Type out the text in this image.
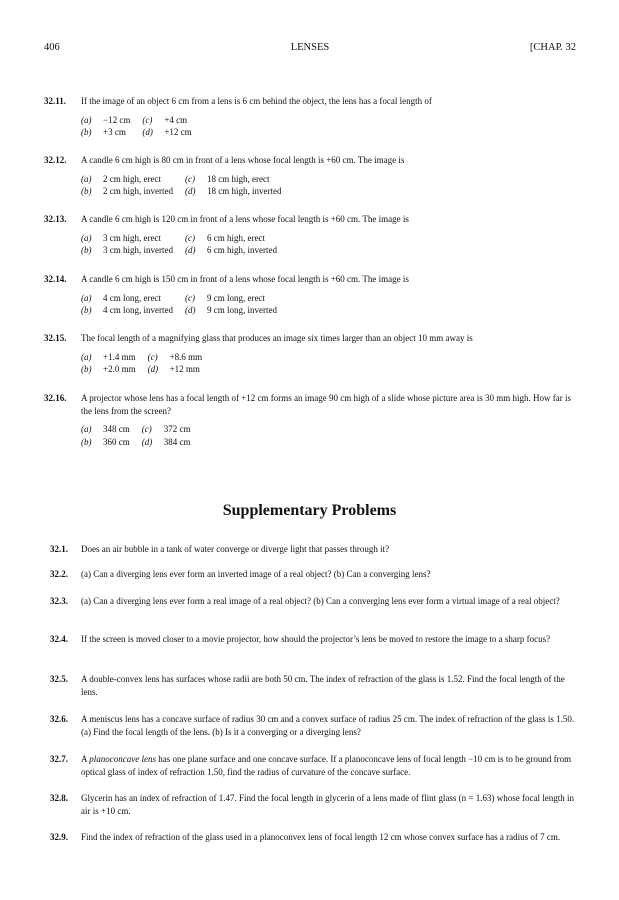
406	LENSES	[CHAP. 32
32.11. If the image of an object 6 cm from a lens is 6 cm behind the object, the lens has a focal length of
(a) −12 cm (c) +4 cm
(b) +3 cm	(d) +12 cm
32.12. A candle 6 cm high is 80 cm in front of a lens whose focal length is +60 cm. The image is
(a) 2 cm high, erect	(c) 18 cm high, erect
(b) 2 cm high, inverted (d) 18 cm high, inverted
32.13. A candle 6 cm high is 120 cm in front of a lens whose focal length is +60 cm. The image is
(a) 3 cm high, erect	(c) 6 cm high, erect
(b) 3 cm high, inverted (d) 6 cm high, inverted
32.14. A candle 6 cm high is 150 cm in front of a lens whose focal length is +60 cm. The image is
(a) 4 cm long, erect	(c) 9 cm long, erect
(b) 4 cm long, inverted (d) 9 cm long, inverted
32.15. The focal length of a magnifying glass that produces an image six times larger than an object 10 mm away is
(a) +1.4 mm (c) +8.6 mm
(b) +2.0 mm (d) +12 mm
32.16. A projector whose lens has a focal length of +12 cm forms an image 90 cm high of a slide whose picture area is 30 mm high. How far is the lens from the screen?
(a) 348 cm (c) 372 cm
(b) 360 cm (d) 384 cm
Supplementary Problems
32.1. Does an air bubble in a tank of water converge or diverge light that passes through it?
32.2. (a) Can a diverging lens ever form an inverted image of a real object? (b) Can a converging lens?
32.3. (a) Can a diverging lens ever form a real image of a real object? (b) Can a converging lens ever form a virtual image of a real object?
32.4. If the screen is moved closer to a movie projector, how should the projector’s lens be moved to restore the image to a sharp focus?
32.5. A double-convex lens has surfaces whose radii are both 50 cm. The index of refraction of the glass is 1.52. Find the focal length of the lens.
32.6. A meniscus lens has a concave surface of radius 30 cm and a convex surface of radius 25 cm. The index of refraction of the glass is 1.50. (a) Find the focal length of the lens. (b) Is it a converging or a diverging lens?
32.7. A planoconcave lens has one plane surface and one concave surface. If a planoconcave lens of focal length −10 cm is to be ground from optical glass of index of refraction 1.50, find the radius of curvature of the concave surface.
32.8. Glycerin has an index of refraction of 1.47. Find the focal length in glycerin of a lens made of flint glass (n = 1.63) whose focal length in air is +10 cm.
32.9. Find the index of refraction of the glass used in a planoconvex lens of focal length 12 cm whose convex surface has a radius of 7 cm.
